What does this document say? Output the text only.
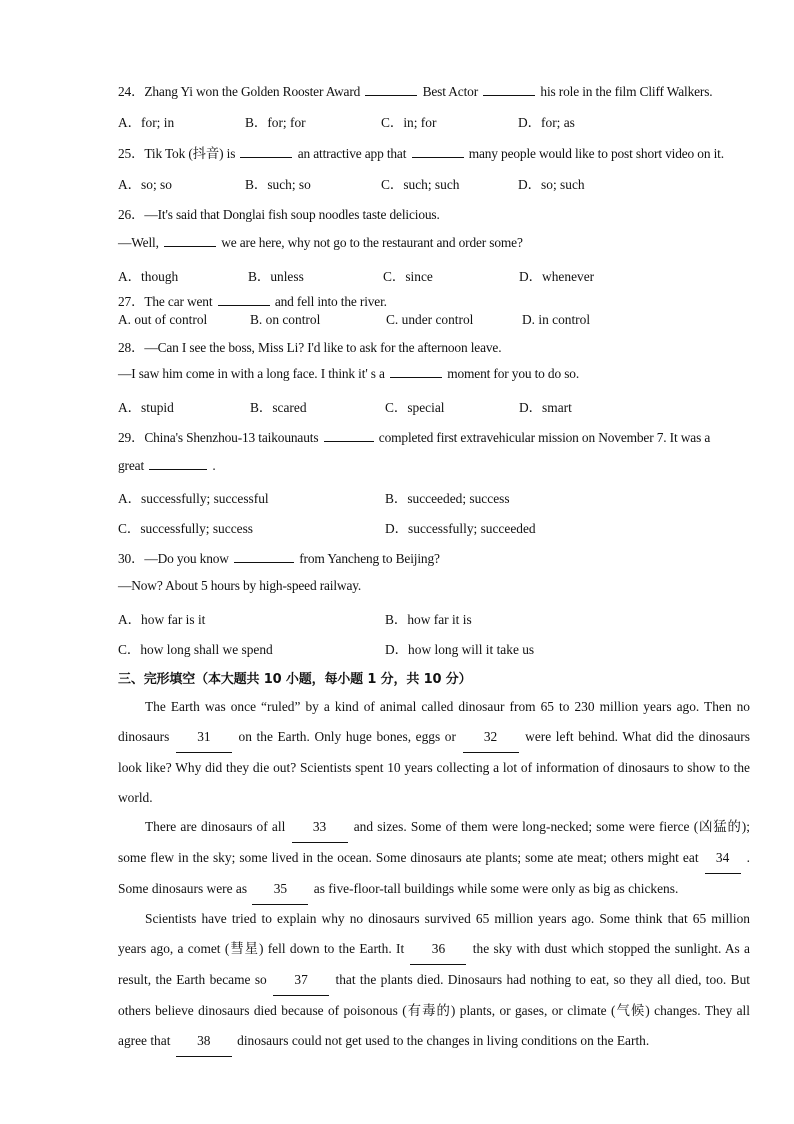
24．Zhang Yi won the Golden Rooster Award	Best Actor	his role in the film Cliff Walkers.
A．for; in	B．for; for	C．in; for	D．for; as
25．Tik Tok (抖音) is	an attractive app that	many people would like to post short video on it.
A．so; so	B．such; so	C．such; such	D．so; such
26．—It's said that Donglai fish soup noodles taste delicious.
—Well,	we are here, why not go to the restaurant and order some?
A．though	B．unless	C．since	D．whenever
27．The car went	and fell into the river.
A. out of control	B. on control	C. under control	D. in control
28．—Can I see the boss, Miss Li? I'd like to ask for the afternoon leave.
—I saw him come in with a long face. I think it' s a	moment for you to do so.
A．stupid	B．scared	C．special	D．smart
29．China's Shenzhou-13 taikounauts	completed first extravehicular mission on November 7. It was a
great	.
A．successfully; successful	B．succeeded; success
C．successfully; success	D．successfully; succeeded
30．—Do you know	from Yancheng to Beijing?
—Now? About 5 hours by high-speed railway.
A．how far is it	B．how far it is
C．how long shall we spend	D．how long will it take us
三、完形填空（本大题共 10 小题，每小题 1 分，共 10 分）
The Earth was once “ruled” by a kind of animal called dinosaur from 65 to 230 million years ago. Then no dinosaurs 31 on the Earth. Only huge bones, eggs or 32 were left behind. What did the dinosaurs look like? Why did they die out? Scientists spent 10 years collecting a lot of information of dinosaurs to show to the world.
There are dinosaurs of all 33 and sizes. Some of them were long-necked; some were fierce (凶猛的); some flew in the sky; some lived in the ocean. Some dinosaurs ate plants; some ate meat; others might eat 34 . Some dinosaurs were as 35 as five-floor-tall buildings while some were only as big as chickens.
Scientists have tried to explain why no dinosaurs survived 65 million years ago. Some think that 65 million years ago, a comet (彗星) fell down to the Earth. It 36 the sky with dust which stopped the sunlight. As a result, the Earth became so 37 that the plants died. Dinosaurs had nothing to eat, so they all died, too. But others believe dinosaurs died because of poisonous (有毒的) plants, or gases, or climate (气候) changes. They all agree that 38 dinosaurs could not get used to the changes in living conditions on the Earth.
